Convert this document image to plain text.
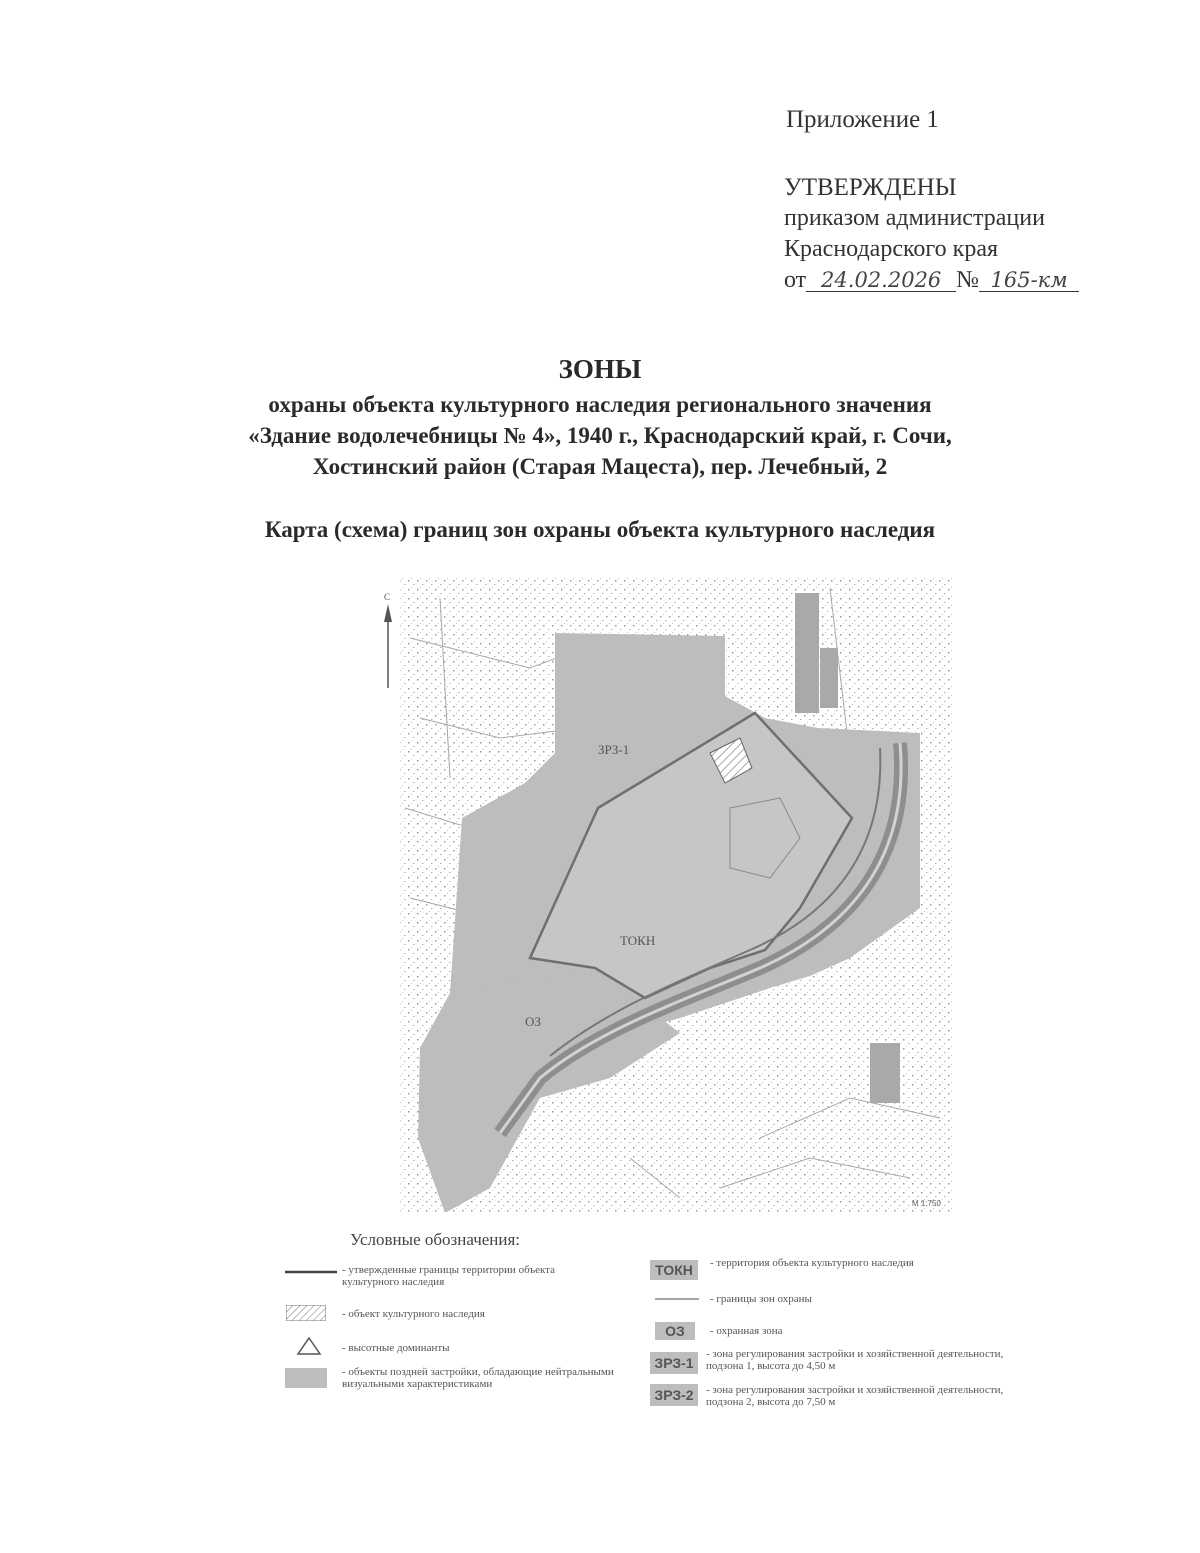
Приложение 1
УТВЕРЖДЕНЫ
приказом администрации
Краснодарского края
от 24.02.2026 № 165-км
ЗОНЫ
охраны объекта культурного наследия регионального значения
«Здание водолечебницы № 4», 1940 г., Краснодарский край, г. Сочи,
Хостинский район (Старая Мацеста), пер. Лечебный, 2
Карта (схема) границ зон охраны объекта культурного наследия
С
ЗРЗ-1
ТОКН
ОЗ
М 1:750
Условные обозначения:
- утвержденные границы территории объекта культурного наследия
- объект культурного наследия
- высотные доминанты
- объекты поздней застройки, обладающие нейтральными визуальными характеристиками
ТОКН	- территория объекта культурного наследия
- границы зон охраны
ОЗ	- охранная зона
ЗРЗ-1
- зона регулирования застройки и хозяйственной деятельности, подзона 1, высота до 4,50 м
ЗРЗ-2	- зона регулирования застройки и хозяйственной деятельности, подзона 2, высота до 7,50 м
